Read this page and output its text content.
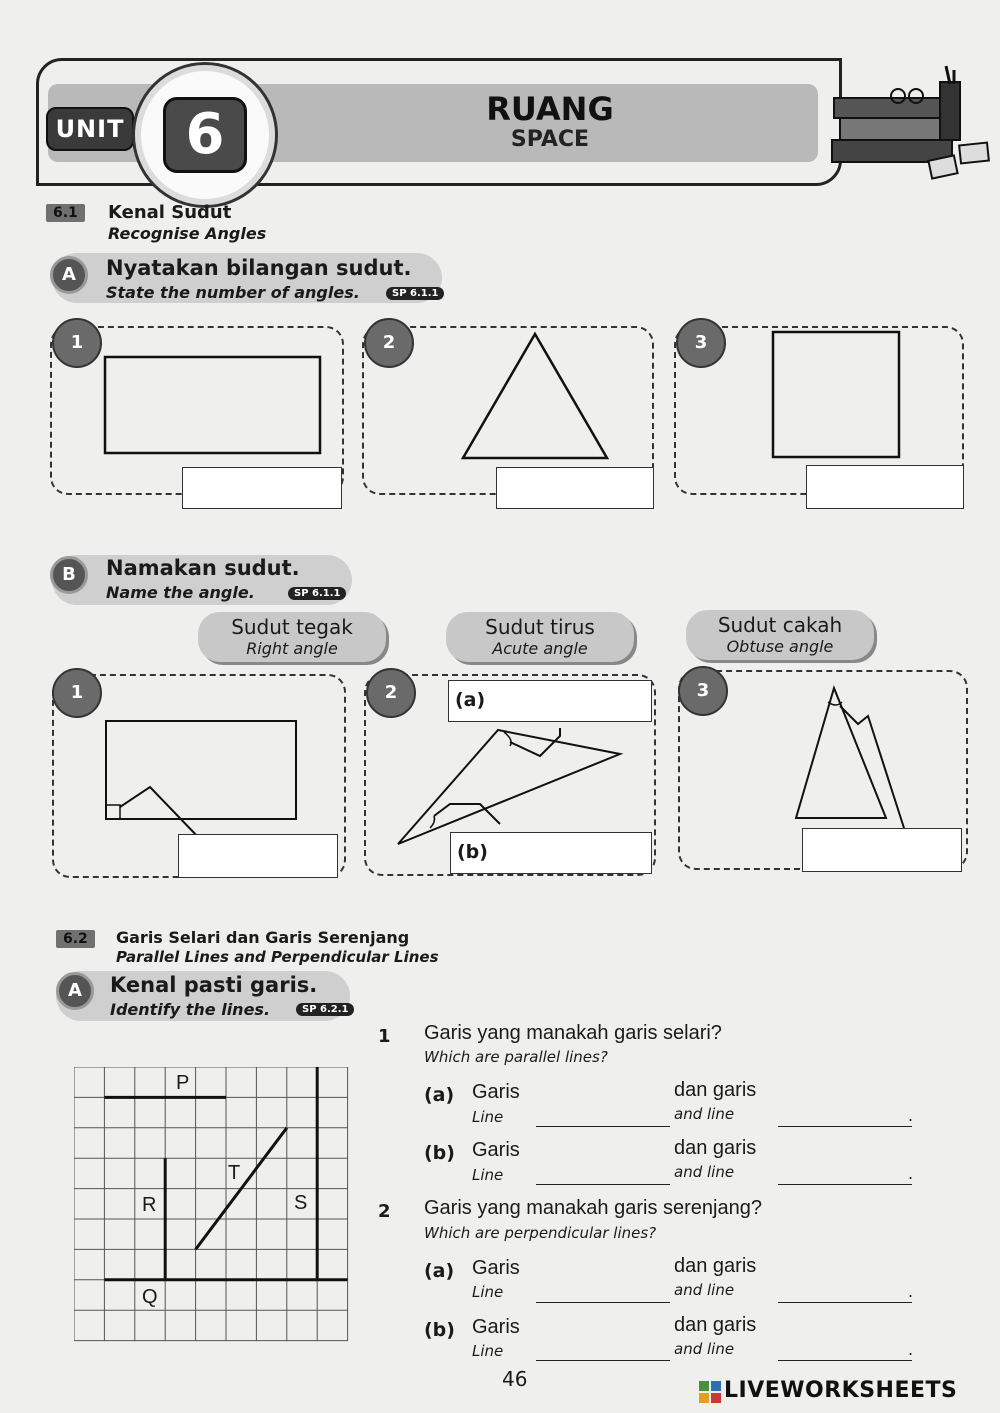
UNIT	6	RUANG
SPACE
6.1	Kenal Sudut
Recognise Angles
A	Nyatakan bilangan sudut.
State the number of angles.	SP 6.1.1
1	2	3
B	Namakan sudut.
Name the angle.	SP 6.1.1
Sudut tegak
Right angle
Sudut tirus
Acute angle
Sudut cakah
Obtuse angle
1	2	(a)
(b)
3
6.2	Garis Selari dan Garis Serenjang
Parallel Lines and Perpendicular Lines
A	Kenal pasti garis.
Identify the lines.	SP 6.2.1
P
T
R	S
Q
1 Garis yang manakah garis selari?
Which are parallel lines?
(a) Garis
Line
dan garis
and line	.
(b) Garis
Line
dan garis
and line	.
2 Garis yang manakah garis serenjang?
Which are perpendicular lines?
(a) Garis
Line
dan garis
and line	.
(b) Garis
Line
dan garis
and line	.
46	LIVEWORKSHEETS
